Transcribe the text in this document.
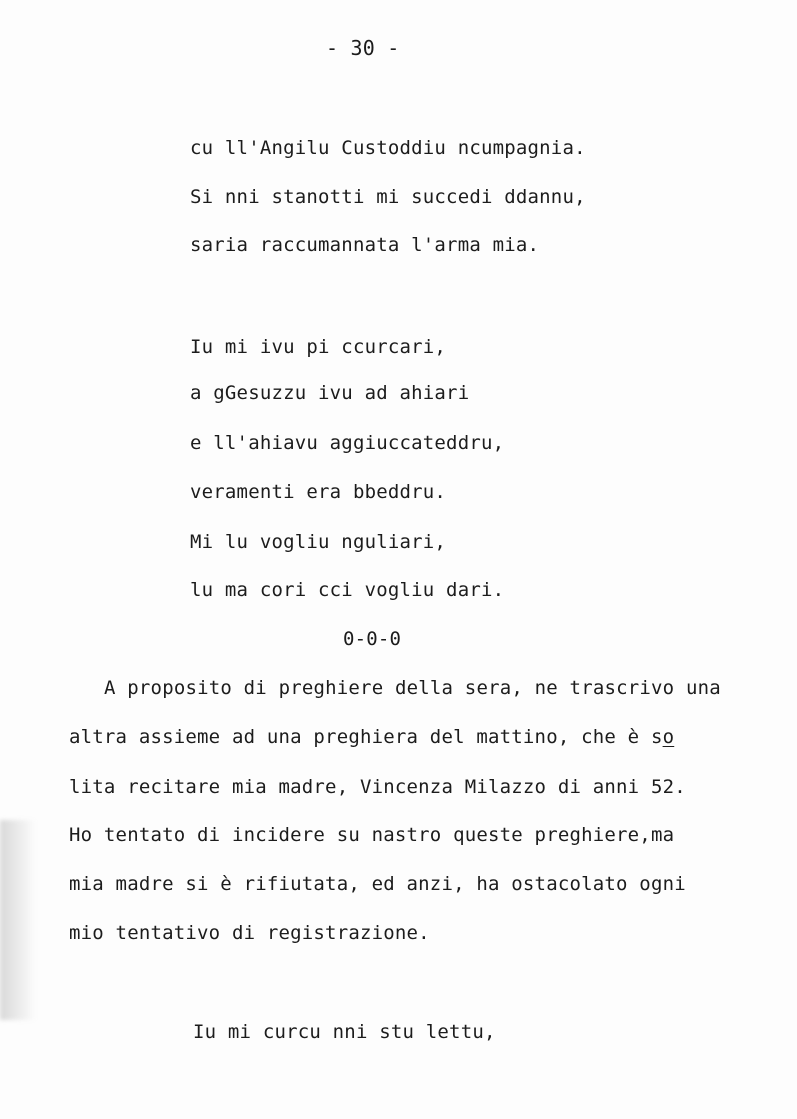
- 30 -
cu ll'Angilu Custoddiu ncumpagnia.
Si nni stanotti mi succedi ddannu,
saria raccumannata l'arma mia.
Iu mi ivu pi ccurcari,
a gGesuzzu ivu ad ahiari
e ll'ahiavu aggiuccateddru,
veramenti era bbeddru.
Mi lu vogliu nguliari,
lu ma cori cci vogliu dari.
0-0-0
A proposito di preghiere della sera, ne trascrivo una
altra assieme ad una preghiera del mattino, che è so
lita recitare mia madre, Vincenza Milazzo di anni 52.
Ho tentato di incidere su nastro queste preghiere,ma
mia madre si è rifiutata, ed anzi, ha ostacolato ogni
mio tentativo di registrazione.
Iu mi curcu nni stu lettu,
